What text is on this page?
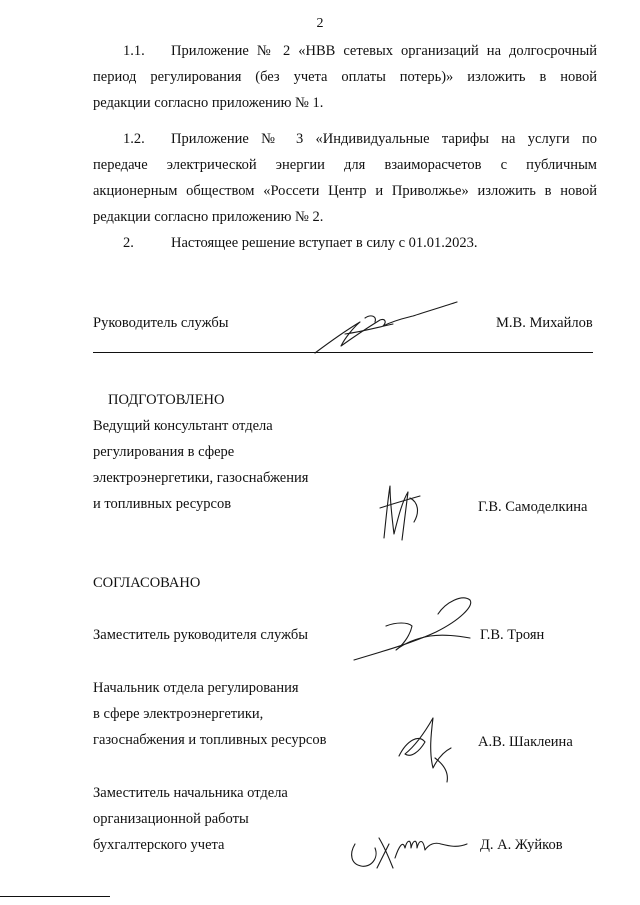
2
1.1. Приложение № 2 «НВВ сетевых организаций на долгосрочный
период регулирования (без учета оплаты потерь)» изложить в новой
редакции согласно приложению № 1.
1.2. Приложение № 3 «Индивидуальные тарифы на услуги по
передаче электрической энергии для взаиморасчетов с публичным
акционерным обществом «Россети Центр и Приволжье» изложить в новой
редакции согласно приложению № 2.
2.	Настоящее решение вступает в силу с 01.01.2023.
Руководитель службы	М.В. Михайлов
ПОДГОТОВЛЕНО
Ведущий консультант отдела
регулирования в сфере
электроэнергетики, газоснабжения
и топливных ресурсов	Г.В. Самоделкина
СОГЛАСОВАНО
Заместитель руководителя службы	Г.В. Троян
Начальник отдела регулирования
в сфере электроэнергетики,
газоснабжения и топливных ресурсов	А.В. Шаклеина
Заместитель начальника отдела
организационной работы
бухгалтерского учета	Д. А. Жуйков
